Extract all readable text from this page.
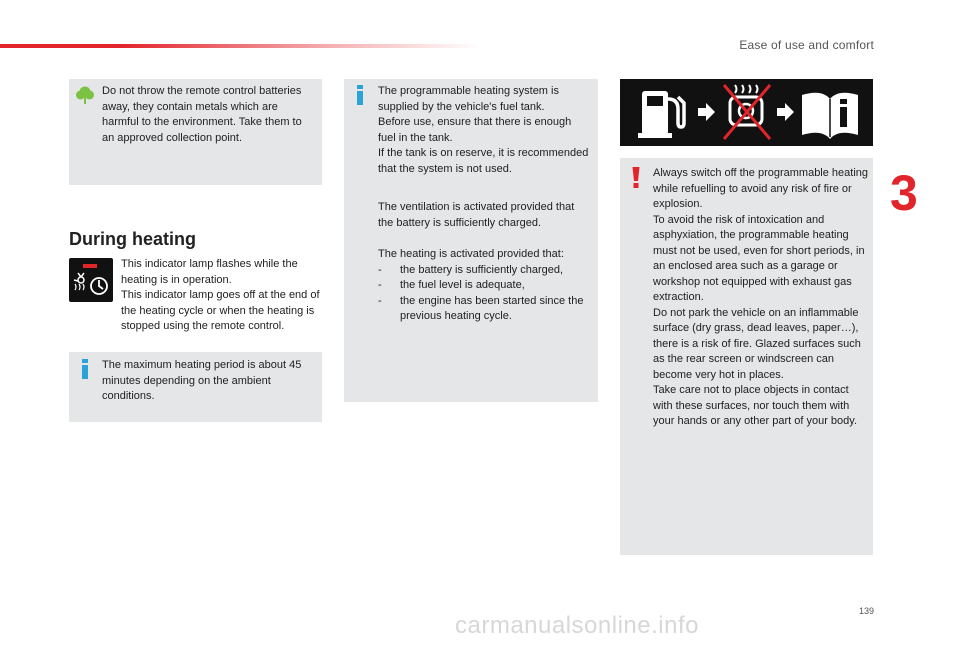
Ease of use and comfort
3
Do not throw the remote control batteries away, they contain metals which are harmful to the environment. Take them to an approved collection point.
During heating

This indicator lamp flashes while the heating is in operation.

This indicator lamp goes off at the end of the heating cycle or when the heating is stopped using the remote control.

The maximum heating period is about 45 minutes depending on the ambient conditions.

The programmable heating system is supplied by the vehicle's fuel tank.

Before use, ensure that there is enough fuel in the tank.

If the tank is on reserve, it is recommended that the system is not used.

The ventilation is activated provided that the battery is sufficiently charged.

The heating is activated provided that:

- the battery is sufficiently charged,
- the fuel level is adequate,
- the engine has been started since the previous heating cycle.

Always switch off the programmable heating while refuelling to avoid any risk of fire or explosion.

To avoid the risk of intoxication and asphyxiation, the programmable heating must not be used, even for short periods, in an enclosed area such as a garage or workshop not equipped with exhaust gas extraction.

Do not park the vehicle on an inflammable surface (dry grass, dead leaves, paper…), there is a risk of fire. Glazed surfaces such as the rear screen or windscreen can become very hot in places.

Take care not to place objects in contact with these surfaces, nor touch them with your hands or any other part of your body.

139
carmanualsonline.info
